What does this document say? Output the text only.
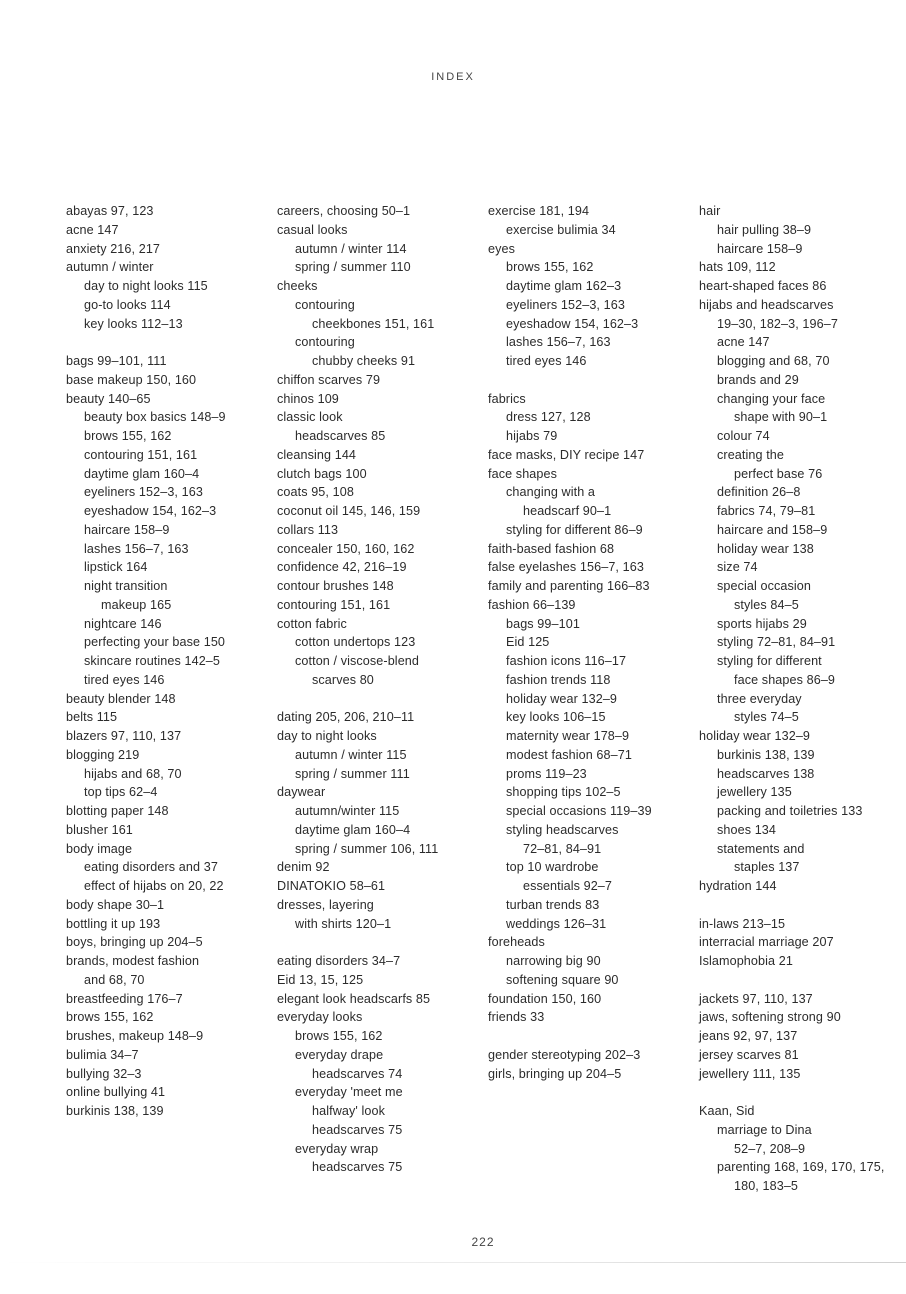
INDEX
abayas 97, 123
acne 147
anxiety 216, 217
autumn / winter
day to night looks 115
go-to looks 114
key looks 112–13
bags 99–101, 111
base makeup 150, 160
beauty 140–65
beauty box basics 148–9
brows 155, 162
contouring 151, 161
daytime glam 160–4
eyeliners 152–3, 163
eyeshadow 154, 162–3
haircare 158–9
lashes 156–7, 163
lipstick 164
night transition
makeup 165
nightcare 146
perfecting your base 150
skincare routines 142–5
tired eyes 146
beauty blender 148
belts 115
blazers 97, 110, 137
blogging 219
hijabs and 68, 70
top tips 62–4
blotting paper 148
blusher 161
body image
eating disorders and 37
effect of hijabs on 20, 22
body shape 30–1
bottling it up 193
boys, bringing up 204–5
brands, modest fashion
and 68, 70
breastfeeding 176–7
brows 155, 162
brushes, makeup 148–9
bulimia 34–7
bullying 32–3
online bullying 41
burkinis 138, 139
careers, choosing 50–1
casual looks
autumn / winter 114
spring / summer 110
cheeks
contouring
cheekbones 151, 161
contouring
chubby cheeks 91
chiffon scarves 79
chinos 109
classic look
headscarves 85
cleansing 144
clutch bags 100
coats 95, 108
coconut oil 145, 146, 159
collars 113
concealer 150, 160, 162
confidence 42, 216–19
contour brushes 148
contouring 151, 161
cotton fabric
cotton undertops 123
cotton / viscose-blend
scarves 80
dating 205, 206, 210–11
day to night looks
autumn / winter 115
spring / summer 111
daywear
autumn/winter 115
daytime glam 160–4
spring / summer 106, 111
denim 92
DINATOKIO 58–61
dresses, layering
with shirts 120–1
eating disorders 34–7
Eid 13, 15, 125
elegant look headscarfs 85
everyday looks
brows 155, 162
everyday drape
headscarves 74
everyday 'meet me
halfway' look
headscarves 75
everyday wrap
headscarves 75
exercise 181, 194
exercise bulimia 34
eyes
brows 155, 162
daytime glam 162–3
eyeliners 152–3, 163
eyeshadow 154, 162–3
lashes 156–7, 163
tired eyes 146
fabrics
dress 127, 128
hijabs 79
face masks, DIY recipe 147
face shapes
changing with a
headscarf 90–1
styling for different 86–9
faith-based fashion 68
false eyelashes 156–7, 163
family and parenting 166–83
fashion 66–139
bags 99–101
Eid 125
fashion icons 116–17
fashion trends 118
holiday wear 132–9
key looks 106–15
maternity wear 178–9
modest fashion 68–71
proms 119–23
shopping tips 102–5
special occasions 119–39
styling headscarves
72–81, 84–91
top 10 wardrobe
essentials 92–7
turban trends 83
weddings 126–31
foreheads
narrowing big 90
softening square 90
foundation 150, 160
friends 33
gender stereotyping 202–3
girls, bringing up 204–5
hair
hair pulling 38–9
haircare 158–9
hats 109, 112
heart-shaped faces 86
hijabs and headscarves
19–30, 182–3, 196–7
acne 147
blogging and 68, 70
brands and 29
changing your face
shape with 90–1
colour 74
creating the
perfect base 76
definition 26–8
fabrics 74, 79–81
haircare and 158–9
holiday wear 138
size 74
special occasion
styles 84–5
sports hijabs 29
styling 72–81, 84–91
styling for different
face shapes 86–9
three everyday
styles 74–5
holiday wear 132–9
burkinis 138, 139
headscarves 138
jewellery 135
packing and toiletries 133
shoes 134
statements and
staples 137
hydration 144
in-laws 213–15
interracial marriage 207
Islamophobia 21
jackets 97, 110, 137
jaws, softening strong 90
jeans 92, 97, 137
jersey scarves 81
jewellery 111, 135
Kaan, Sid
marriage to Dina
52–7, 208–9
parenting 168, 169, 170, 175,
180, 183–5
222
